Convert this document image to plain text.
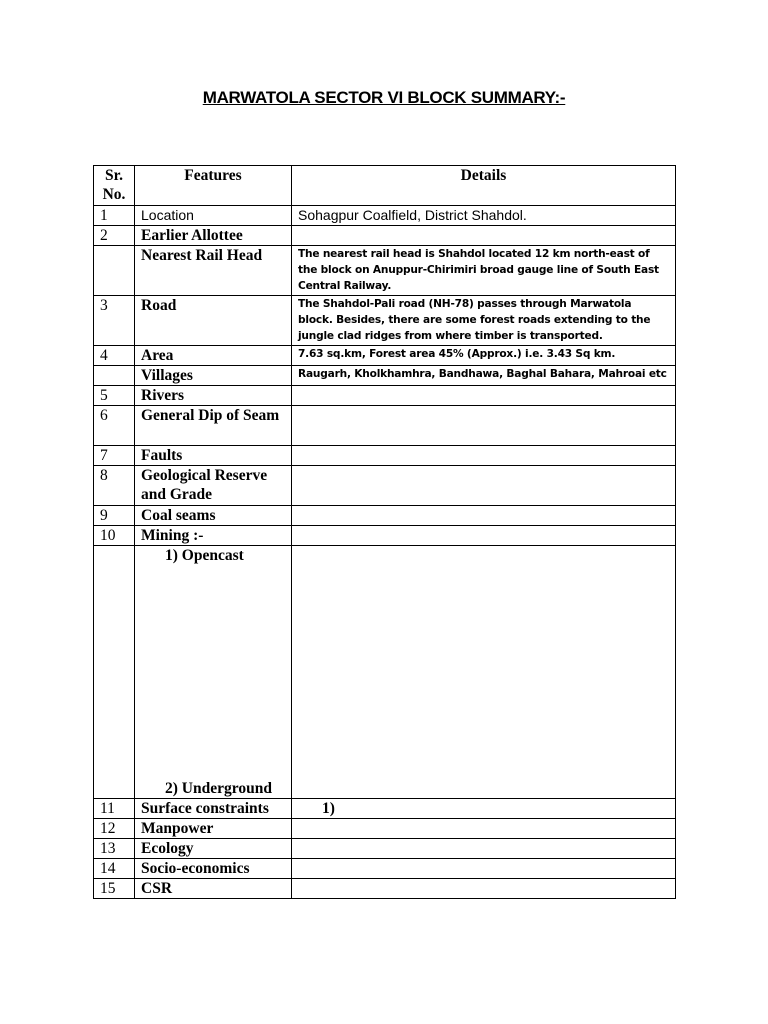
MARWATOLA SECTOR VI BLOCK SUMMARY:-
Sr. No.	Features	Details
1	Location	Sohagpur Coalfield, District Shahdol.
2	Earlier Allottee	
	Nearest Rail Head	The nearest rail head is Shahdol located 12 km north-east of the block on Anuppur-Chirimiri broad gauge line of South East Central Railway.
3	Road	The Shahdol-Pali road (NH-78) passes through Marwatola block. Besides, there are some forest roads extending to the jungle clad ridges from where timber is transported.
4	Area	7.63 sq.km, Forest area 45% (Approx.) i.e. 3.43 Sq km.
	Villages	Raugarh, Kholkhamhra, Bandhawa, Baghal Bahara, Mahroai etc
5	Rivers	
6	General Dip of Seam	
7	Faults	
8	Geological Reserve and Grade	
9	Coal seams	
10	Mining :-	

	1) Opencast
2) Underground	

11	Surface constraints	1)
12	Manpower	
13	Ecology	
14	Socio-economics	
15	CSR	
